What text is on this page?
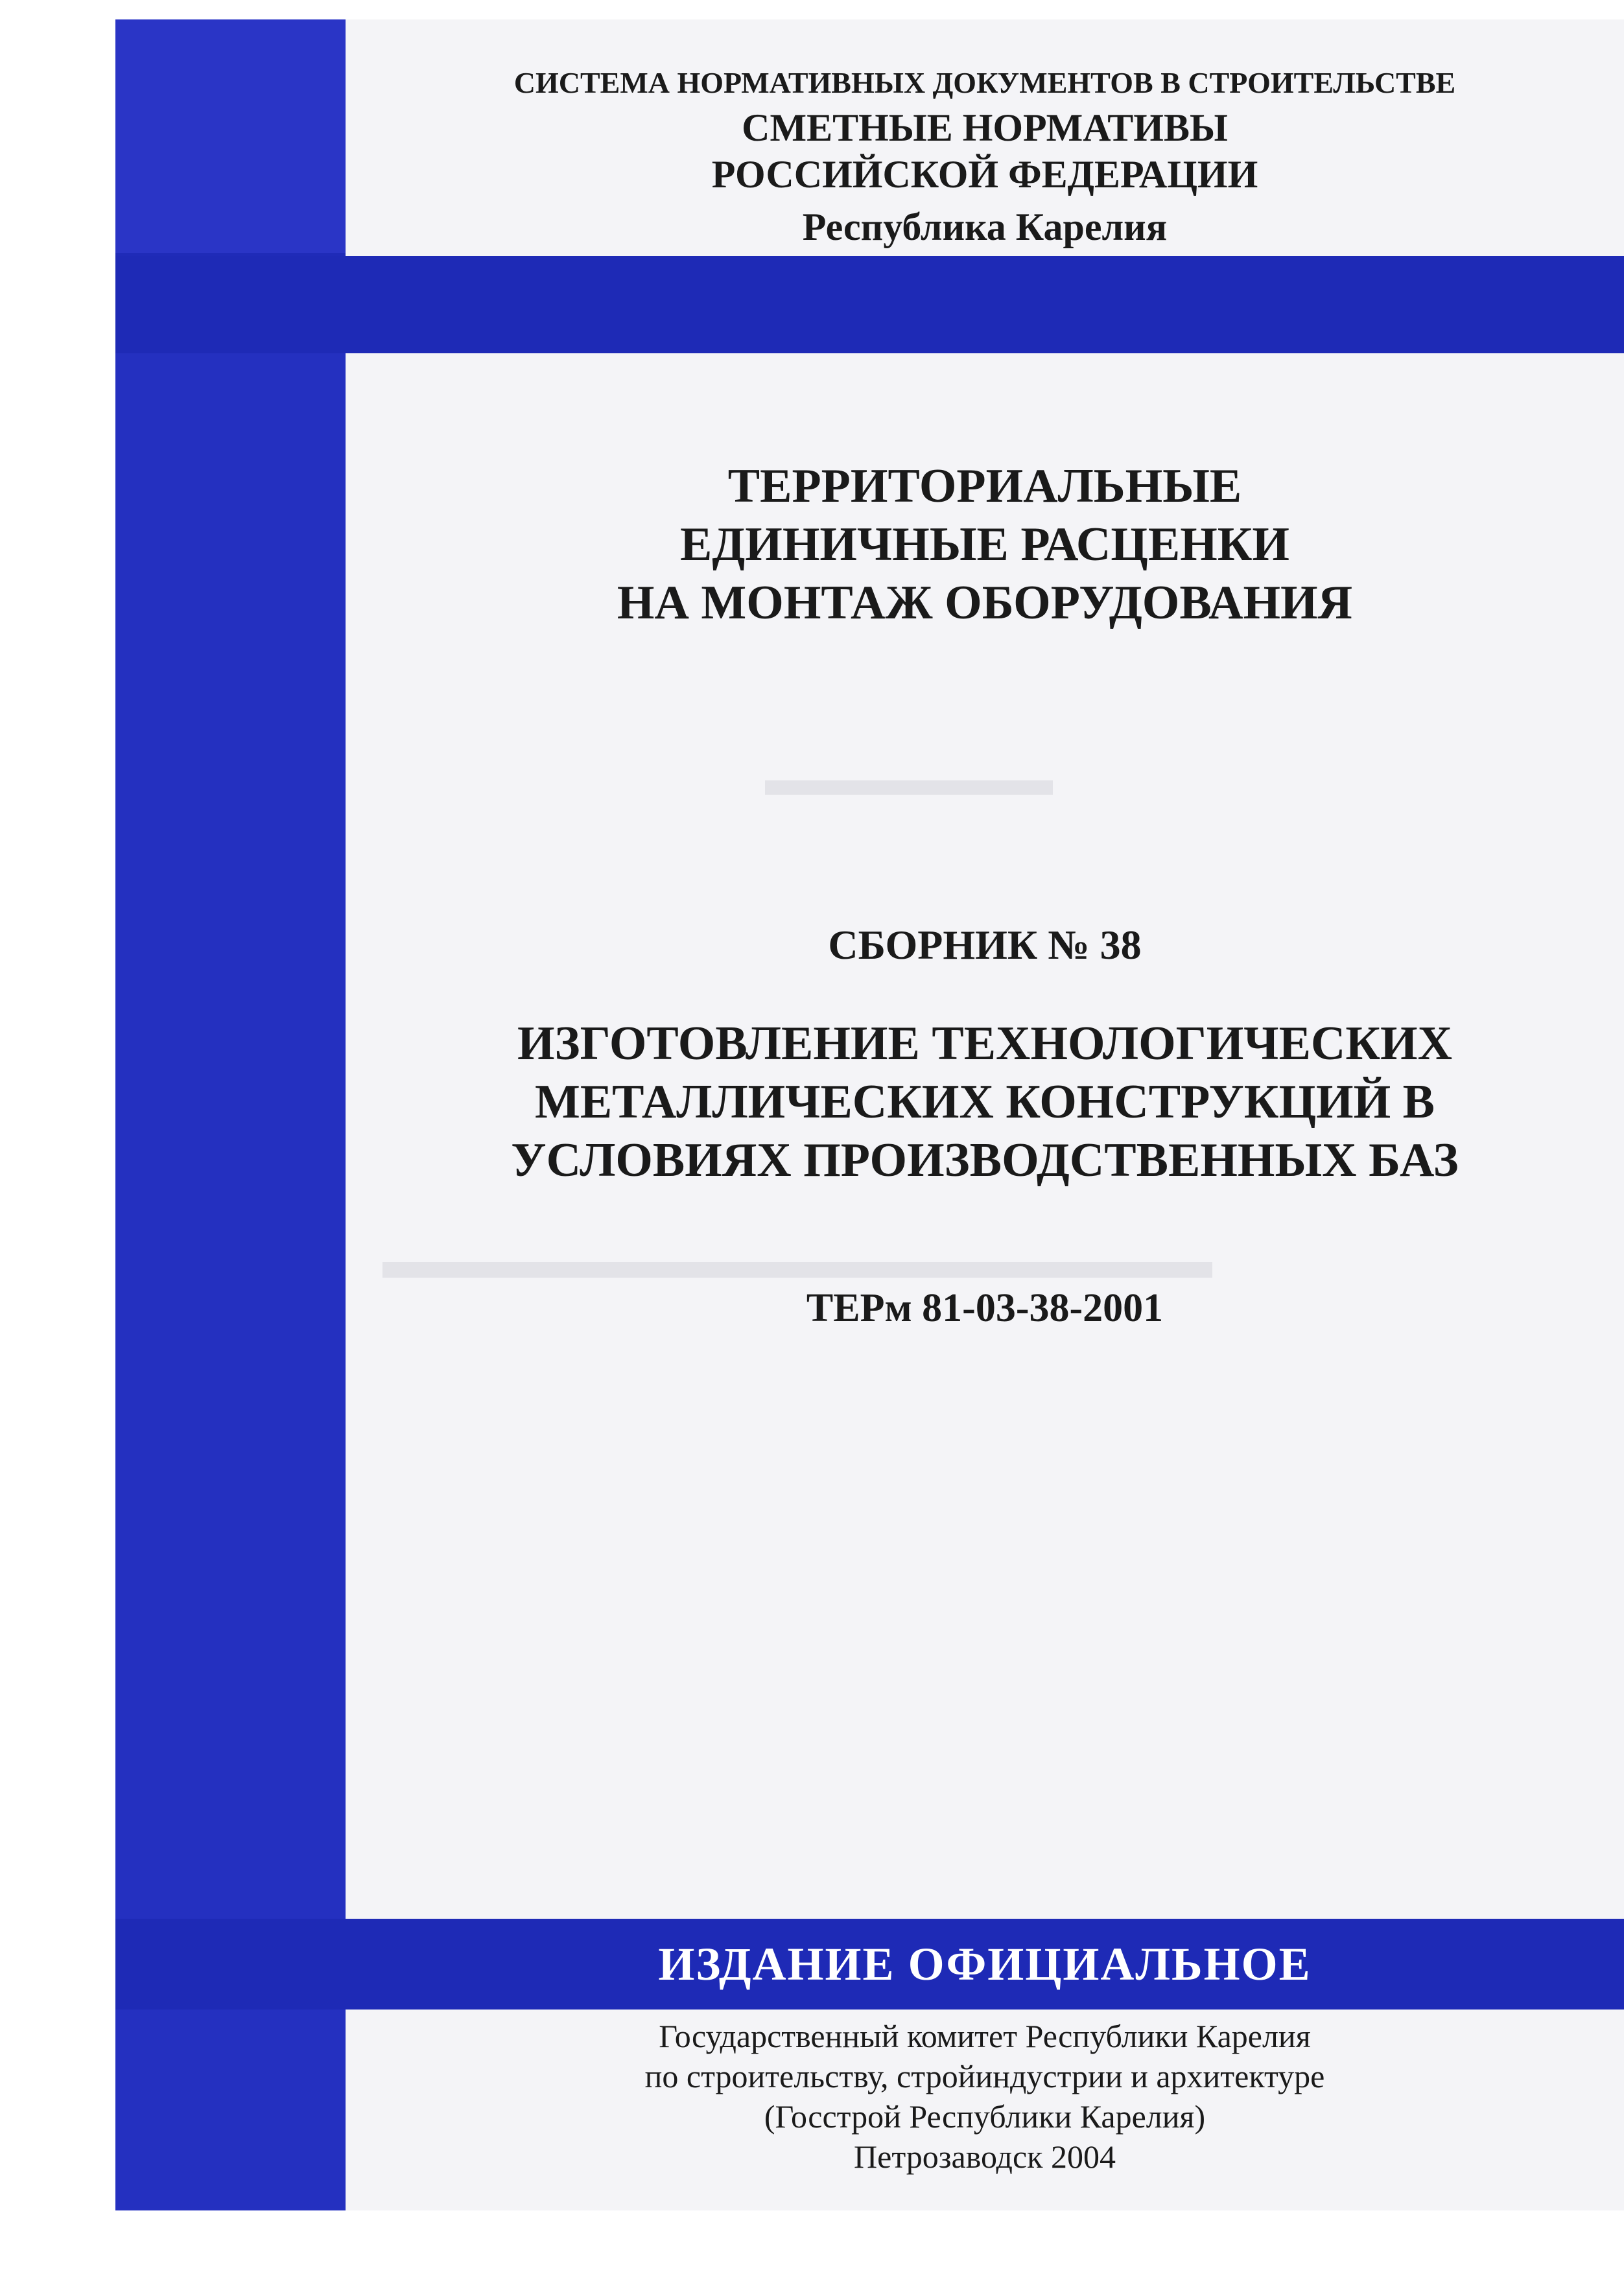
СИСТЕМА НОРМАТИВНЫХ ДОКУМЕНТОВ В СТРОИТЕЛЬСТВЕ
СМЕТНЫЕ НОРМАТИВЫ
РОССИЙСКОЙ ФЕДЕРАЦИИ
Республика Карелия
ТЕРРИТОРИАЛЬНЫЕ
ЕДИНИЧНЫЕ РАСЦЕНКИ
НА МОНТАЖ ОБОРУДОВАНИЯ
СБОРНИК № 38
ИЗГОТОВЛЕНИЕ ТЕХНОЛОГИЧЕСКИХ
МЕТАЛЛИЧЕСКИХ КОНСТРУКЦИЙ В
УСЛОВИЯХ ПРОИЗВОДСТВЕННЫХ БАЗ
ТЕРм 81-03-38-2001
ИЗДАНИЕ ОФИЦИАЛЬНОЕ
Государственный комитет Республики Карелия
по строительству, стройиндустрии и архитектуре
(Госстрой Республики Карелия)
Петрозаводск 2004
